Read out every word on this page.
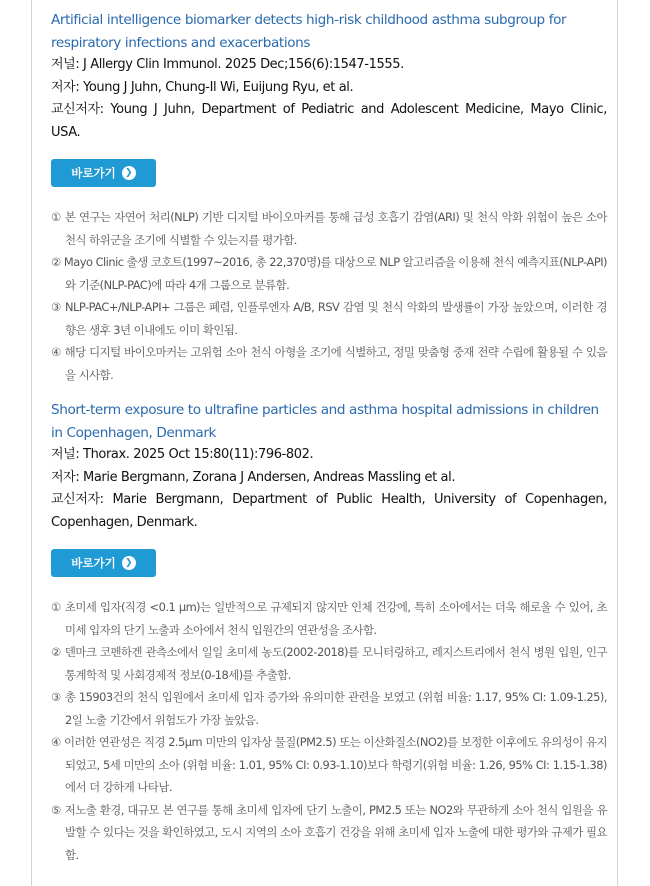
Artificial intelligence biomarker detects high-risk childhood asthma subgroup for respiratory infections and exacerbations

저널: J Allergy Clin Immunol. 2025 Dec;156(6):1547-1555.

저자: Young J Juhn, Chung-Il Wi, Euijung Ryu, et al.

교신저자: Young J Juhn, Department of Pediatric and Adolescent Medicine, Mayo Clinic, USA.

바로가기	❯
① 본 연구는 자연어 처리(NLP) 기반 디지털 바이오마커를 통해 급성 호흡기 감염(ARI) 및 천식 악화 위험이 높은 소아 천식 하위군을 조기에 식별할 수 있는지를 평가함.
② Mayo Clinic 출생 코호트(1997~2016, 총 22,370명)를 대상으로 NLP 알고리즘을 이용해 천식 예측지표(NLP-API)와 기준(NLP-PAC)에 따라 4개 그룹으로 분류함.
③ NLP-PAC+/NLP-API+ 그룹은 폐렴, 인플루엔자 A/B, RSV 감염 및 천식 악화의 발생률이 가장 높았으며, 이러한 경향은 생후 3년 이내에도 이미 확인됨.
④ 해당 디지털 바이오마커는 고위험 소아 천식 아형을 조기에 식별하고, 정밀 맞춤형 중재 전략 수립에 활용될 수 있음을 시사함.

Short-term exposure to ultrafine particles and asthma hospital admissions in children in Copenhagen, Denmark

저널: Thorax. 2025 Oct 15:80(11):796-802.

저자: Marie Bergmann, Zorana J Andersen, Andreas Massling et al.

교신저자: Marie Bergmann, Department of Public Health, University of Copenhagen, Copenhagen, Denmark.

바로가기	❯
① 초미세 입자(직경 <0.1 μm)는 일반적으로 규제되지 않지만 인체 건강에, 특히 소아에서는 더욱 해로울 수 있어, 초미세 입자의 단기 노출과 소아에서 천식 입원간의 연관성을 조사함.
② 덴마크 코펜하겐 관측소에서 일일 초미세 농도(2002-2018)를 모니터링하고, 레지스트리에서 천식 병원 입원, 인구통계학적 및 사회경제적 정보(0-18세)를 추출함.
③ 총 15903건의 천식 입원에서 초미세 입자 증가와 유의미한 관련을 보였고 (위험 비율: 1.17, 95% CI: 1.09-1.25), 2일 노출 기간에서 위험도가 가장 높았음.
④ 이러한 연관성은 직경 2.5μm 미만의 입자상 물질(PM2.5) 또는 이산화질소(NO2)를 보정한 이후에도 유의성이 유지되었고, 5세 미만의 소아 (위험 비율: 1.01, 95% CI: 0.93-1.10)보다 학령기(위험 비율: 1.26, 95% CI: 1.15-1.38)에서 더 강하게 나타남.
⑤ 저노출 환경, 대규모 본 연구를 통해 초미세 입자에 단기 노출이, PM2.5 또는 NO2와 무관하게 소아 천식 입원을 유발할 수 있다는 것을 확인하였고, 도시 지역의 소아 호흡기 건강을 위해 초미세 입자 노출에 대한 평가와 규제가 필요함.
